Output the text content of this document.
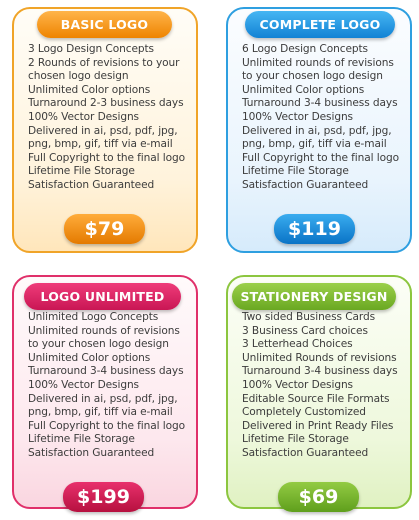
3 Logo Design Concepts
2 Rounds of revisions to your
chosen logo design
Unlimited Color options
Turnaround 2-3 business days
100% Vector Designs
Delivered in ai, psd, pdf, jpg,
png, bmp, gif, tiff via e-mail
Full Copyright to the final logo
Lifetime File Storage
Satisfaction Guaranteed
BASIC LOGO
$79
6 Logo Design Concepts
Unlimited rounds of revisions
to your chosen logo design
Unlimited Color options
Turnaround 3-4 business days
100% Vector Designs
Delivered in ai, psd, pdf, jpg,
png, bmp, gif, tiff via e-mail
Full Copyright to the final logo
Lifetime File Storage
Satisfaction Guaranteed
COMPLETE LOGO
$119
Unlimited Logo Concepts
Unlimited rounds of revisions
to your chosen logo design
Unlimited Color options
Turnaround 3-4 business days
100% Vector Designs
Delivered in ai, psd, pdf, jpg,
png, bmp, gif, tiff via e-mail
Full Copyright to the final logo
Lifetime File Storage
Satisfaction Guaranteed
LOGO UNLIMITED
$199
Two sided Business Cards
3 Business Card choices
3 Letterhead Choices
Unlimited Rounds of revisions
Turnaround 3-4 business days
100% Vector Designs
Editable Source File Formats
Completely Customized
Delivered in Print Ready Files
Lifetime File Storage
Satisfaction Guaranteed
STATIONERY DESIGN
$69
